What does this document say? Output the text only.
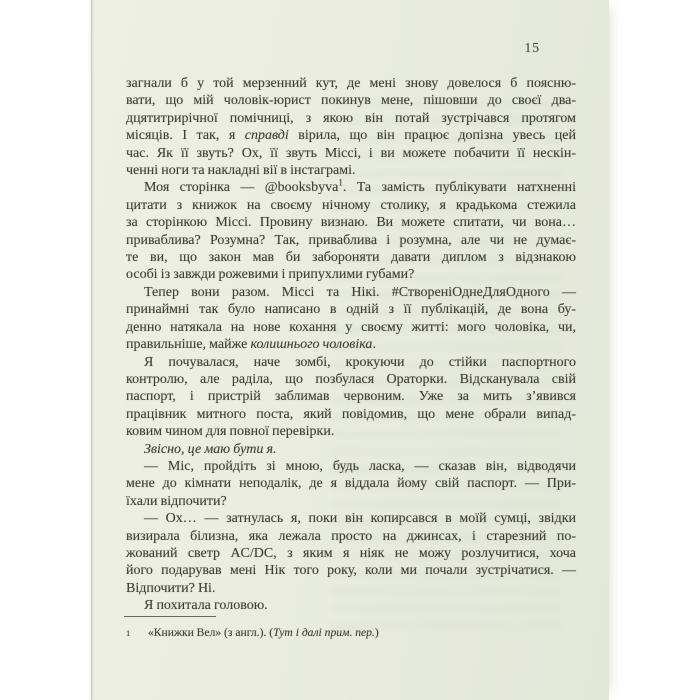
15
загнали б у той мерзенний кут, де мені знову довелося б поясню-
вати, що мій чоловік-юрист покинув мене, пішовши до своєї два-
дцятитрирічної помічниці, з якою він потай зустрічався протягом
місяців. І так, я справді вірила, що він працює допізна увесь цей
час. Як її звуть? Ох, її звуть Міссі, і ви можете побачити її нескін-
ченні ноги та накладні вії в інстаграмі.
Моя сторінка — @booksbyva$^1$. Та замість публікувати натхненні
цитати з книжок на своєму нічному столику, я крадькома стежила
за сторінкою Міссі. Провину визнаю. Ви можете спитати, чи вона…
приваблива? Розумна? Так, приваблива і розумна, але чи не думає-
те ви, що закон мав би забороняти давати диплом з відзнакою
особі із завжди рожевими і припухлими губами?
Тепер вони разом. Міссі та Нікі. #СтвореніОднеДляОдного —
принаймні так було написано в одній з її публікацій, де вона бу-
денно натякала на нове кохання у своєму житті: мого чоловіка, чи,
правильніше, майже колишнього чоловіка.
Я почувалася, наче зомбі, крокуючи до стійки паспортного
контролю, але раділа, що позбулася Ораторки. Відсканувала свій
паспорт, і пристрій заблимав червоним. Уже за мить з’явився
працівник митного поста, який повідомив, що мене обрали випад-
ковим чином для повної перевірки.
Звісно, це маю бути я.
— Міс, пройдіть зі мною, будь ласка, — сказав він, відводячи
мене до кімнати неподалік, де я віддала йому свій паспорт. — При-
їхали відпочити?
— Ох… — затнулась я, поки він копирсався в моїй сумці, звідки
визирала білизна, яка лежала просто на джинсах, і старезний по-
жований светр AC/DC, з яким я ніяк не можу розлучитися, хоча
його подарував мені Нік того року, коли ми почали зустрічатися. —
Відпочити? Ні.
Я похитала головою.
$^1$ «Книжки Вел» (з англ.). (Тут і далі прим. пер.)
